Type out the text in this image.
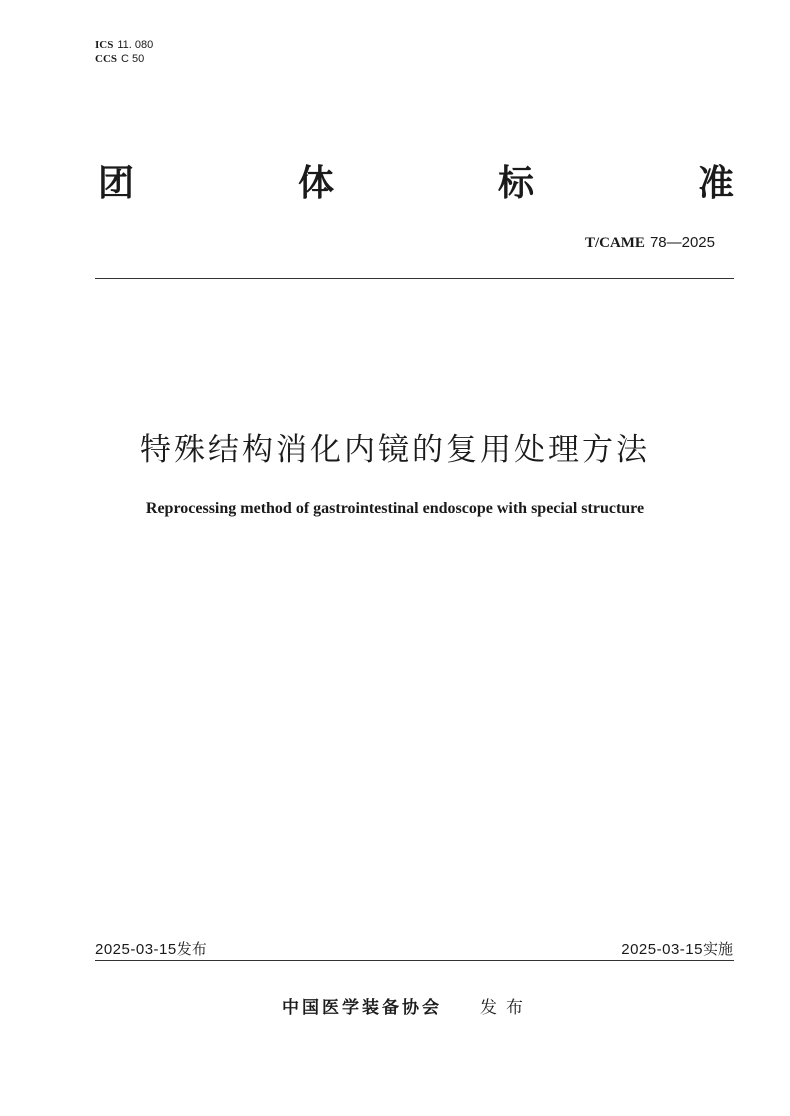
ICS 11. 080
CCS C 50
团	体	标	准
T/CAME 78—2025
特殊结构消化内镜的复用处理方法
Reprocessing method of gastrointestinal endoscope with special structure
2025-03-15发布	2025-03-15实施
中国医学装备协会 发布
